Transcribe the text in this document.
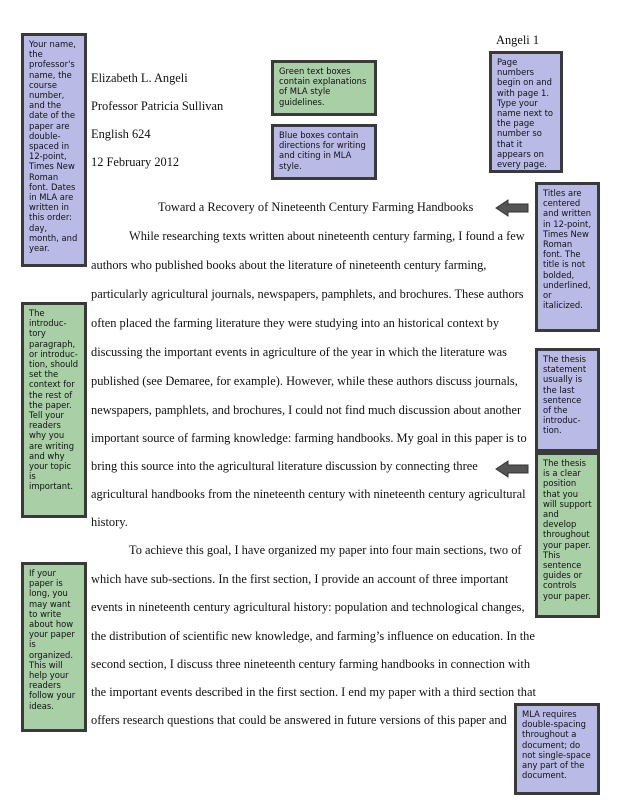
Angeli 1
Elizabeth L. Angeli
Professor Patricia Sullivan
English 624
12 February 2012
Toward a Recovery of Nineteenth Century Farming Handbooks
While researching texts written about nineteenth century farming, I found a few
authors who published books about the literature of nineteenth century farming,
particularly agricultural journals, newspapers, pamphlets, and brochures. These authors
often placed the farming literature they were studying into an historical context by
discussing the important events in agriculture of the year in which the literature was
published (see Demaree, for example). However, while these authors discuss journals,
newspapers, pamphlets, and brochures, I could not find much discussion about another
important source of farming knowledge: farming handbooks. My goal in this paper is to
bring this source into the agricultural literature discussion by connecting three
agricultural handbooks from the nineteenth century with nineteenth century agricultural
history.
To achieve this goal, I have organized my paper into four main sections, two of
which have sub-sections. In the first section, I provide an account of three important
events in nineteenth century agricultural history: population and technological changes,
the distribution of scientific new knowledge, and farming’s influence on education. In the
second section, I discuss three nineteenth century farming handbooks in connection with
the important events described in the first section. I end my paper with a third section that
offers research questions that could be answered in future versions of this paper and
Your name, the professor's name, the course number, and the date of the paper are double-spaced in 12-point, Times New Roman font. Dates in MLA are written in this order: day, month, and year.
Green text boxes contain explanations of MLA style guidelines.
Blue boxes contain directions for writing and citing in MLA style.
Page numbers begin on and with page 1. Type your name next to the page number so that it appears on every page.
Titles are centered and written in 12-point, Times New Roman font. The title is not bolded, underlined, or italicized.
The introduc-tory paragraph, or introduc-tion, should set the context for the rest of the paper. Tell your readers why you are writing and why your topic is important.
The thesis statement usually is the last sentence of the introduc-tion.
The thesis is a clear position that you will support and develop throughout your paper. This sentence guides or controls your paper.
If your paper is long, you may want to write about how your paper is organized. This will help your readers follow your ideas.
MLA requires double-spacing throughout a document; do not single-space any part of the document.
